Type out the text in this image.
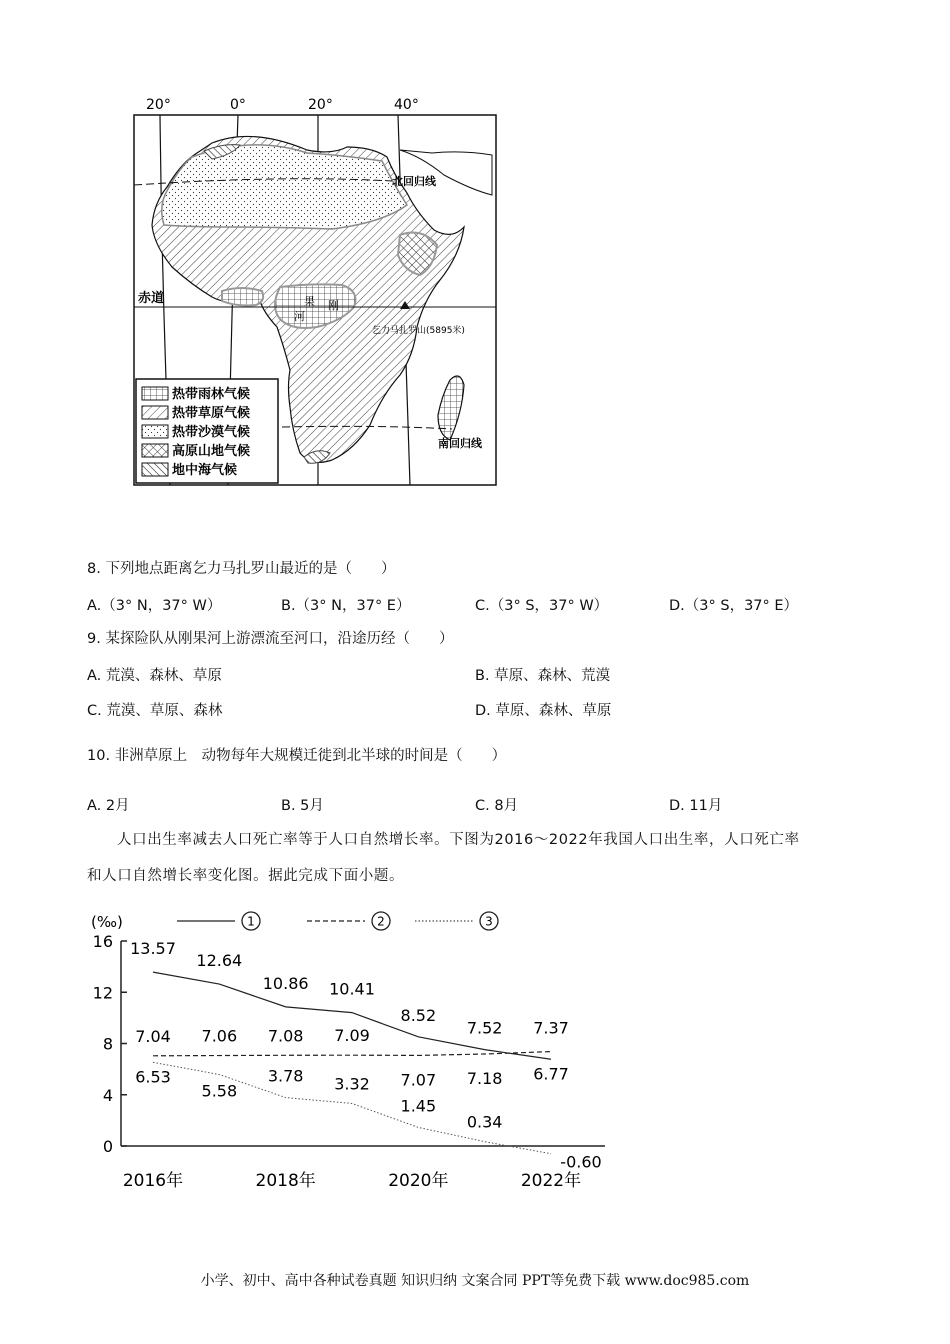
20°	0°	20°	40°
赤道
北回归线
南回归线
刚
果
河
乞力马扎罗山(5895米)
热带雨林气候
热带草原气候
热带沙漠气候
高原山地气候
地中海气候
8. 下列地点距离乞力马扎罗山最近的是（　　）
A.（3° N，37° W）	B.（3° N，37° E）	C.（3° S，37° W）	D.（3° S，37° E）
9. 某探险队从刚果河上游漂流至河口，沿途历经（　　）
A. 荒漠、森林、草原	B. 草原、森林、荒漠
C. 荒漠、草原、森林	D. 草原、森林、草原
10. 非洲草原上　动物每年大规模迁徙到北半球的时间是（　　）
A. 2月	B. 5月	C. 8月	D. 11月
人口出生率减去人口死亡率等于人口自然增长率。下图为2016～2022年我国人口出生率，人口死亡率
和人口自然增长率变化图。据此完成下面小题。
(‰)	1	2	3
0
4
8
12
16
2016年	2018年	2020年	2022年
13.57
12.64
10.86 10.41
8.52
7.52
6.77
7.04 7.06 7.08 7.09
7.07 7.18
7.37
6.53
5.58
3.78 3.32
1.45
0.34
-0.60
小学、初中、高中各种试卷真题 知识归纳 文案合同 PPT等免费下载 www.doc985.com
